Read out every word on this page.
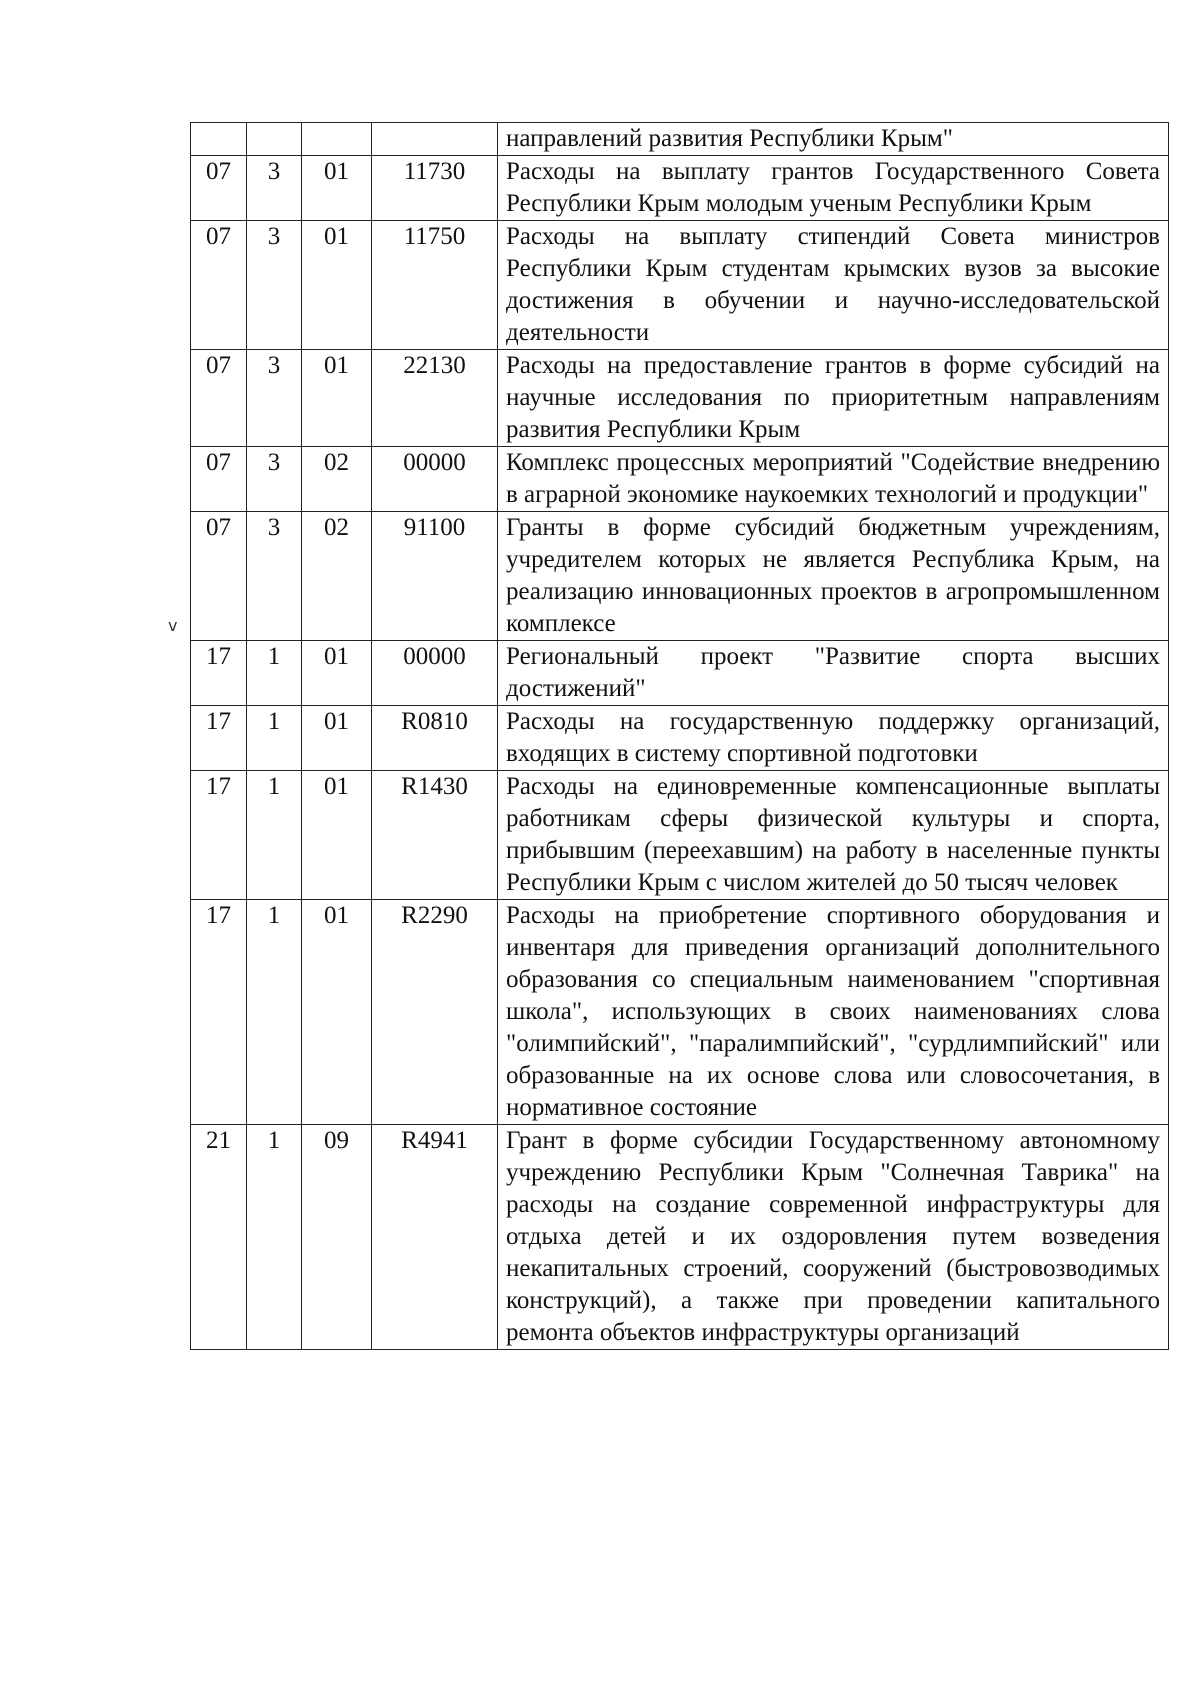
v
				направлений развития Республики Крым"
07	3	01	11730	Расходы на выплату грантов Государственного Совета Республики Крым молодым ученым Республики Крым
07	3	01	11750	Расходы на выплату стипендий Совета министров Республики Крым студентам крымских вузов за высокие достижения в обучении и научно-исследовательской деятельности
07	3	01	22130	Расходы на предоставление грантов в форме субсидий на научные исследования по приоритетным направлениям развития Республики Крым
07	3	02	00000	Комплекс процессных мероприятий "Содействие внедрению в аграрной экономике наукоемких технологий и продукции"
07	3	02	91100	Гранты в форме субсидий бюджетным учреждениям, учредителем которых не является Республика Крым, на реализацию инновационных проектов в агропромышленном комплексе
17	1	01	00000	Региональный проект "Развитие спорта высших достижений"
17	1	01	R0810	Расходы на государственную поддержку организаций, входящих в систему спортивной подготовки
17	1	01	R1430	Расходы на единовременные компенсационные выплаты работникам сферы физической культуры и спорта, прибывшим (переехавшим) на работу в населенные пункты Республики Крым с числом жителей до 50 тысяч человек
17	1	01	R2290	Расходы на приобретение спортивного оборудования и инвентаря для приведения организаций дополнительного образования со специальным наименованием "спортивная школа", использующих в своих наименованиях слова "олимпийский", "паралимпийский", "сурдлимпийский" или образованные на их основе слова или словосочетания, в нормативное состояние
21	1	09	R4941	Грант в форме субсидии Государственному автономному учреждению Республики Крым "Солнечная Таврика" на расходы на создание современной инфраструктуры для отдыха детей и их оздоровления путем возведения некапитальных строений, сооружений (быстровозводимых конструкций), а также при проведении капитального ремонта объектов инфраструктуры организаций
